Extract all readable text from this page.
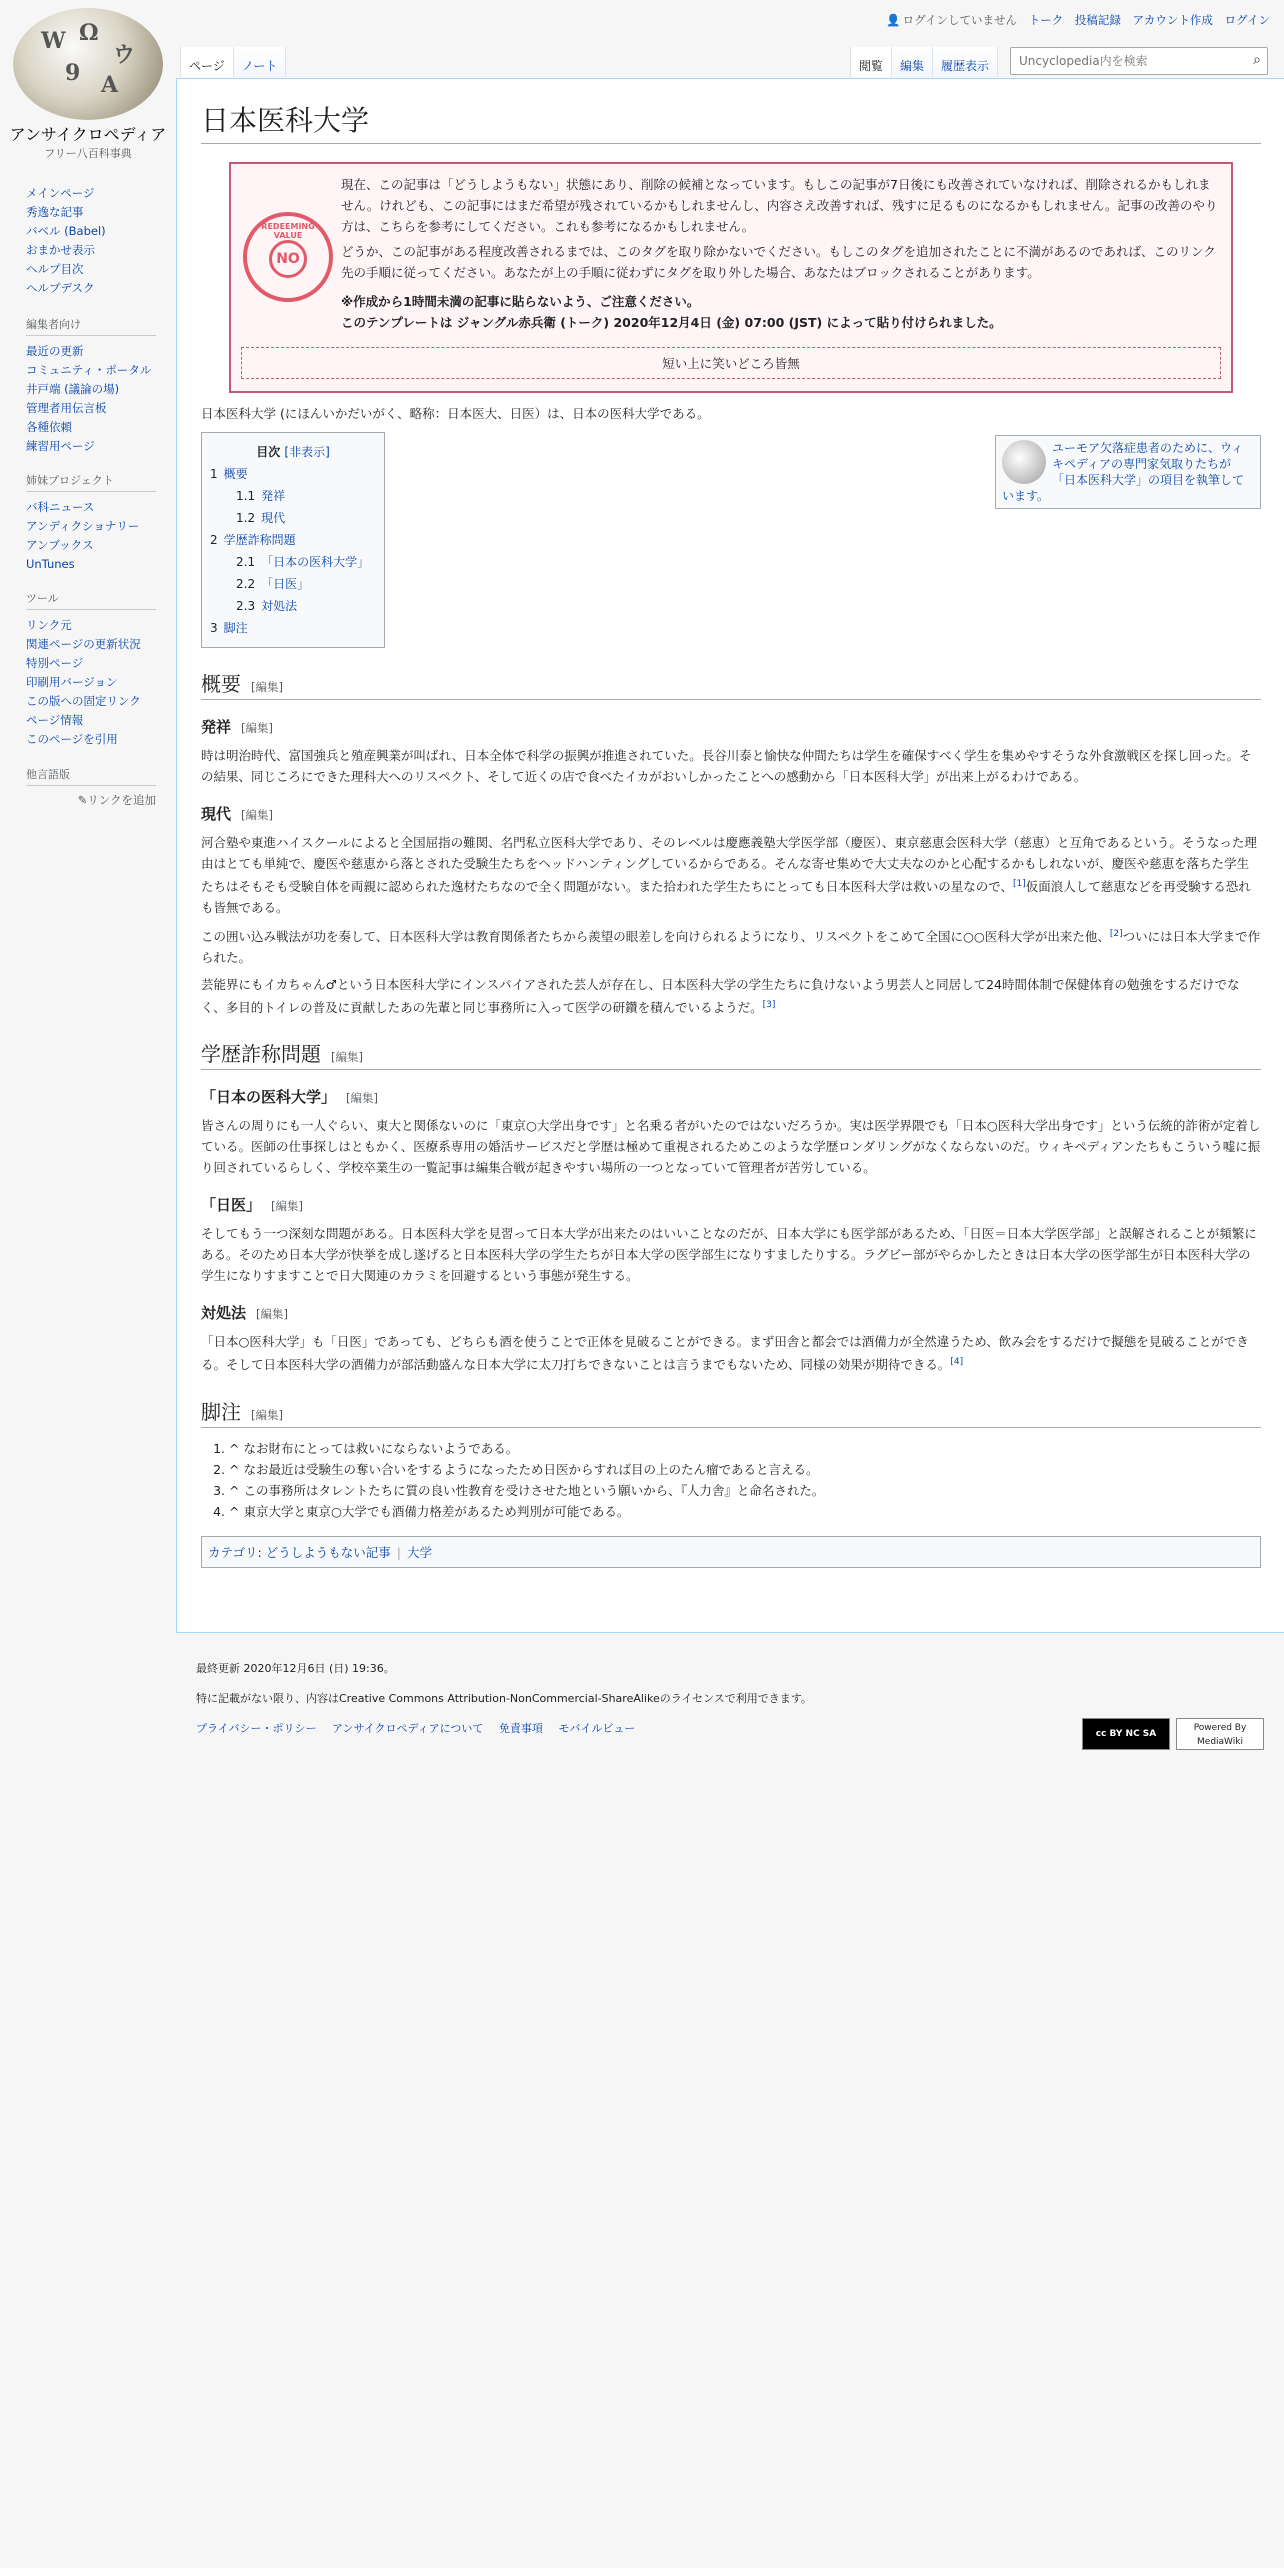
W Ω
ウ
9 A
アンサイクロペディア
フリー八百科事典
メインページ
秀逸な記事
バベル (Babel)
おまかせ表示
ヘルプ目次
ヘルプデスク
編集者向け
最近の更新
コミュニティ・ポータル
井戸端 (議論の場)
管理者用伝言板
各種依頼
練習用ページ
姉妹プロジェクト
バ科ニュース
アンディクショナリー
アンブックス
UnTunes
ツール
リンク元
関連ページの更新状況
特別ページ
印刷用バージョン
この版への固定リンク
ページ情報
このページを引用
他言語版
✎リンクを追加
👤 ログインしていません トーク 投稿記録 アカウント作成 ログイン
ページ	ノート	閲覧	編集	履歴表示
Uncyclopedia内を検索	⌕
日本医科大学
REDEEMING VALUE
NO

現在、この記事は「どうしようもない」状態にあり、削除の候補となっています。もしこの記事が7日後にも改善されていなければ、削除されるかもしれません。けれども、この記事にはまだ希望が残されているかもしれませんし、内容さえ改善すれば、残すに足るものになるかもしれません。記事の改善のやり方は、こちらを参考にしてください。これも参考になるかもしれません。

どうか、この記事がある程度改善されるまでは、このタグを取り除かないでください。もしこのタグを追加されたことに不満があるのであれば、このリンク先の手順に従ってください。あなたが上の手順に従わずにタグを取り外した場合、あなたはブロックされることがあります。

※作成から1時間未満の記事に貼らないよう、ご注意ください。

このテンプレートは ジャングル赤兵衛 (トーク) 2020年12月4日 (金) 07:00 (JST) によって貼り付けられました。

短い上に笑いどころ皆無
ユーモア欠落症患者のために、ウィキペディアの専門家気取りたちが「日本医科大学」の項目を執筆しています。

日本医科大学 (にほんいかだいがく、略称：日本医大、日医）は、日本の医科大学である。

目次 [非表示]
1 概要
1.1 発祥
1.2 現代
2 学歴詐称問題
2.1 「日本の医科大学」
2.2 「日医」
2.3 対処法
3 脚注
概要 [編集]
発祥 [編集]

時は明治時代、富国強兵と殖産興業が叫ばれ、日本全体で科学の振興が推進されていた。長谷川泰と愉快な仲間たちは学生を確保すべく学生を集めやすそうな外食激戦区を探し回った。その結果、同じころにできた理科大へのリスペクト、そして近くの店で食べたイカがおいしかったことへの感動から「日本医科大学」が出来上がるわけである。

現代 [編集]

河合塾や東進ハイスクールによると全国屈指の難関、名門私立医科大学であり、そのレベルは慶應義塾大学医学部（慶医）、東京慈恵会医科大学（慈恵）と互角であるという。そうなった理由はとても単純で、慶医や慈恵から落とされた受験生たちをヘッドハンティングしているからである。そんな寄せ集めで大丈夫なのかと心配するかもしれないが、慶医や慈恵を落ちた学生たちはそもそも受験自体を両親に認められた逸材たちなので全く問題がない。また拾われた学生たちにとっても日本医科大学は救いの星なので、[1]仮面浪人して慈恵などを再受験する恐れも皆無である。

この囲い込み戦法が功を奏して、日本医科大学は教育関係者たちから羨望の眼差しを向けられるようになり、リスペクトをこめて全国に○○医科大学が出来た他、[2]ついには日本大学まで作られた。

芸能界にもイカちゃん♂という日本医科大学にインスパイアされた芸人が存在し、日本医科大学の学生たちに負けないよう男芸人と同居して24時間体制で保健体育の勉強をするだけでなく、多目的トイレの普及に貢献したあの先輩と同じ事務所に入って医学の研鑽を積んでいるようだ。[3]

学歴詐称問題 [編集]
「日本の医科大学」 [編集]

皆さんの周りにも一人ぐらい、東大と関係ないのに「東京○大学出身です」と名乗る者がいたのではないだろうか。実は医学界隈でも「日本○医科大学出身です」という伝統的詐術が定着している。医師の仕事探しはともかく、医療系専用の婚活サービスだと学歴は極めて重視されるためこのような学歴ロンダリングがなくならないのだ。ウィキペディアンたちもこういう嘘に振り回されているらしく、学校卒業生の一覧記事は編集合戦が起きやすい場所の一つとなっていて管理者が苦労している。

「日医」 [編集]

そしてもう一つ深刻な問題がある。日本医科大学を見習って日本大学が出来たのはいいことなのだが、日本大学にも医学部があるため、「日医＝日本大学医学部」と誤解されることが頻繁にある。そのため日本大学が快挙を成し遂げると日本医科大学の学生たちが日本大学の医学部生になりすましたりする。ラグビー部がやらかしたときは日本大学の医学部生が日本医科大学の学生になりすますことで日大関連のカラミを回避するという事態が発生する。

対処法 [編集]

「日本○医科大学」も「日医」であっても、どちらも酒を使うことで正体を見破ることができる。まず田舎と都会では酒備力が全然違うため、飲み会をするだけで擬態を見破ることができる。そして日本医科大学の酒備力が部活動盛んな日本大学に太刀打ちできないことは言うまでもないため、同様の効果が期待できる。[4]

脚注 [編集]
1. ^ なお財布にとっては救いにならないようである。
2. ^ なお最近は受験生の奪い合いをするようになったため日医からすれば目の上のたん瘤であると言える。
3. ^ この事務所はタレントたちに質の良い性教育を受けさせた地という願いから、『人力舎』と命名された。
4. ^ 東京大学と東京○大学でも酒備力格差があるため判別が可能である。
カテゴリ: どうしようもない記事 | 大学

最終更新 2020年12月6日 (日) 19:36。

特に記載がない限り、内容はCreative Commons Attribution-NonCommercial-ShareAlikeのライセンスで利用できます。

プライバシー・ポリシー アンサイクロペディアについて 免責事項 モバイルビュー	cc BY NC SA
Powered By MediaWiki
